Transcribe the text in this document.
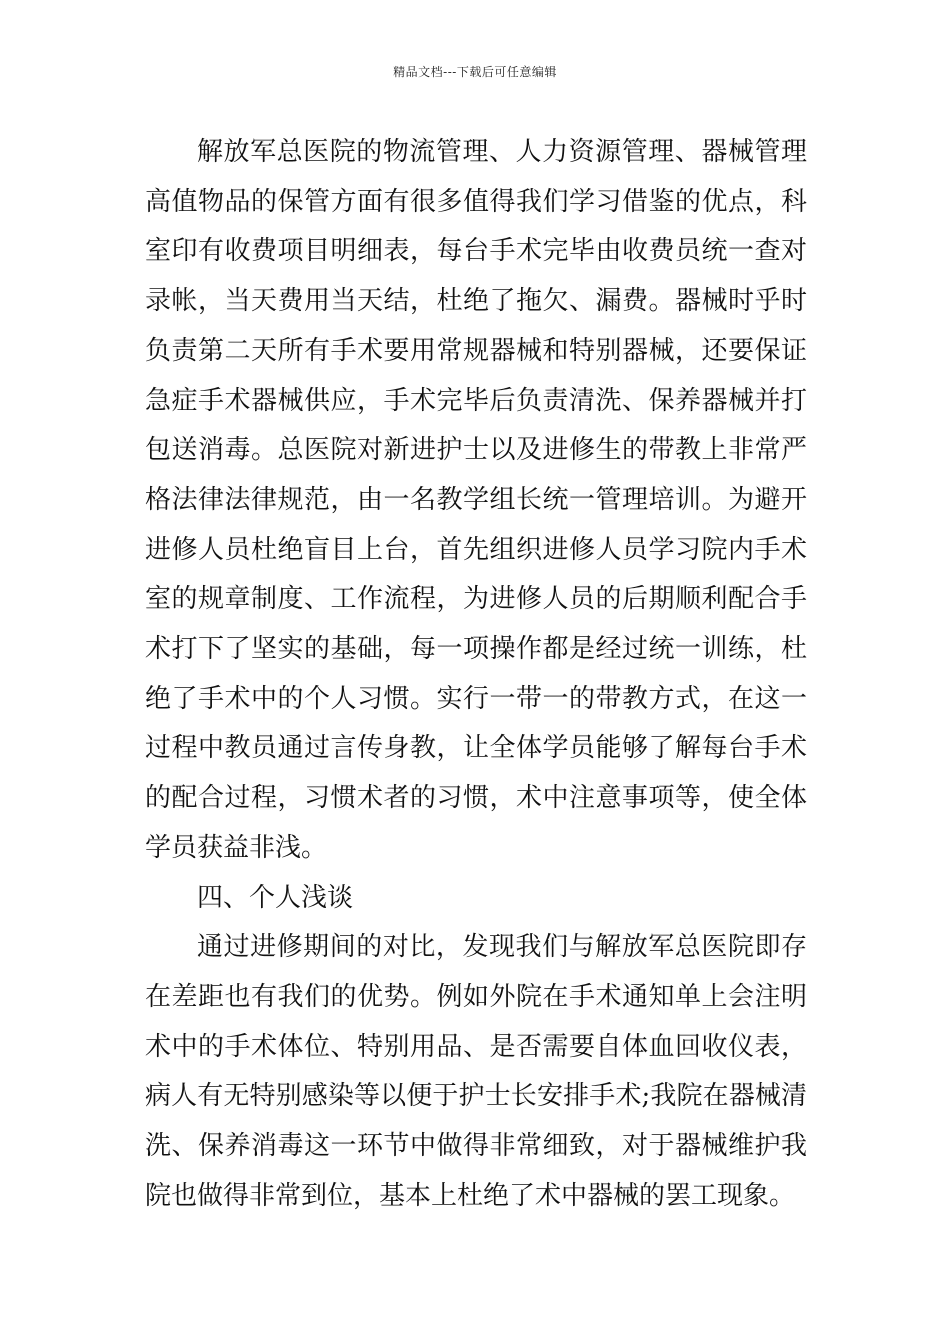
精品文档---下载后可任意编辑

解放军总医院的物流管理、人力资源管理、器械管理高值物品的保管方面有很多值得我们学习借鉴的优点，科室印有收费项目明细表，每台手术完毕由收费员统一查对录帐，当天费用当天结，杜绝了拖欠、漏费。器械时乎时负责第二天所有手术要用常规器械和特别器械，还要保证急症手术器械供应，手术完毕后负责清洗、保养器械并打包送消毒。总医院对新进护士以及进修生的带教上非常严格法律法律规范，由一名教学组长统一管理培训。为避开进修人员杜绝盲目上台，首先组织进修人员学习院内手术室的规章制度、工作流程，为进修人员的后期顺利配合手术打下了坚实的基础，每一项操作都是经过统一训练，杜绝了手术中的个人习惯。实行一带一的带教方式，在这一过程中教员通过言传身教，让全体学员能够了解每台手术的配合过程，习惯术者的习惯，术中注意事项等，使全体学员获益非浅。

四、个人浅谈

通过进修期间的对比，发现我们与解放军总医院即存在差距也有我们的优势。例如外院在手术通知单上会注明术中的手术体位、特别用品、是否需要自体血回收仪表，病人有无特别感染等以便于护士长安排手术;我院在器械清洗、保养消毒这一环节中做得非常细致，对于器械维护我院也做得非常到位，基本上杜绝了术中器械的罢工现象。
